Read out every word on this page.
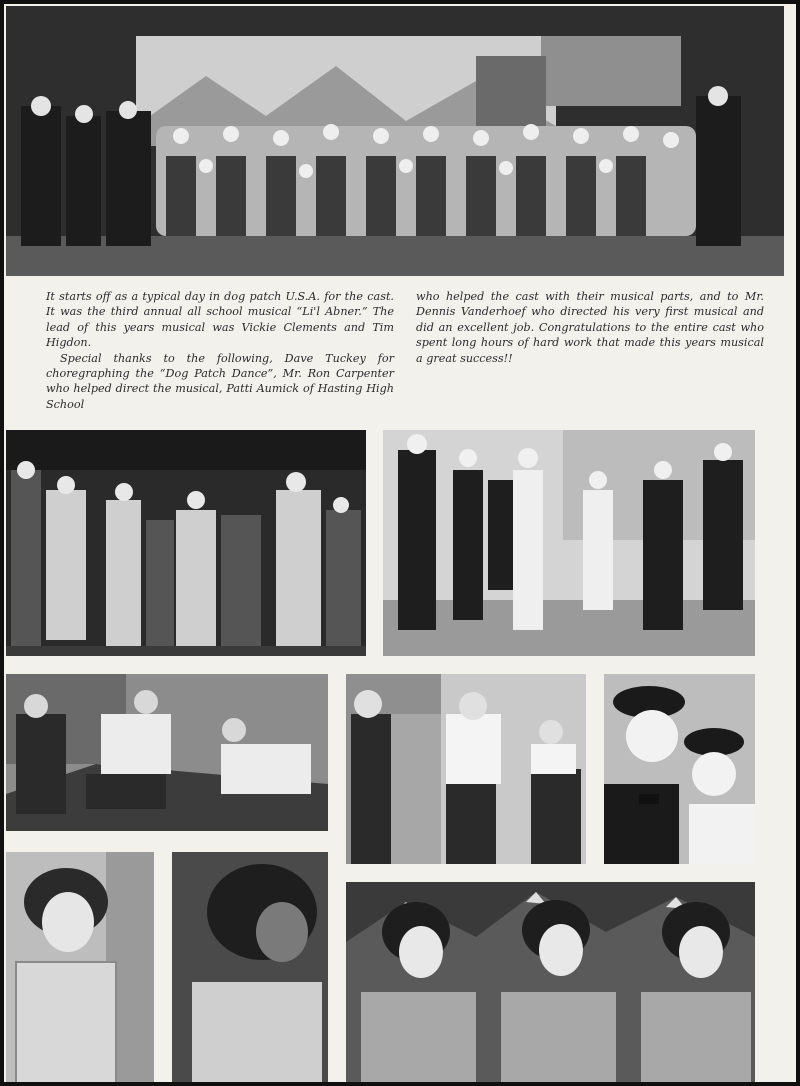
It starts off as a typical day in dog patch U.S.A. for the cast. It was the third annual all school musical “Li'l Abner.” The lead of this years musical was Vickie Clements and Tim Higdon.

Special thanks to the following, Dave Tuckey for choregraphing the “Dog Patch Dance”, Mr. Ron Carpenter who helped direct the musical, Patti Aumick of Hasting High School

who helped the cast with their musical parts, and to Mr. Dennis Vanderhoef who directed his very first musical and did an excellent job. Congratulations to the entire cast who spent long hours of hard work that made this years musical a great success!!
